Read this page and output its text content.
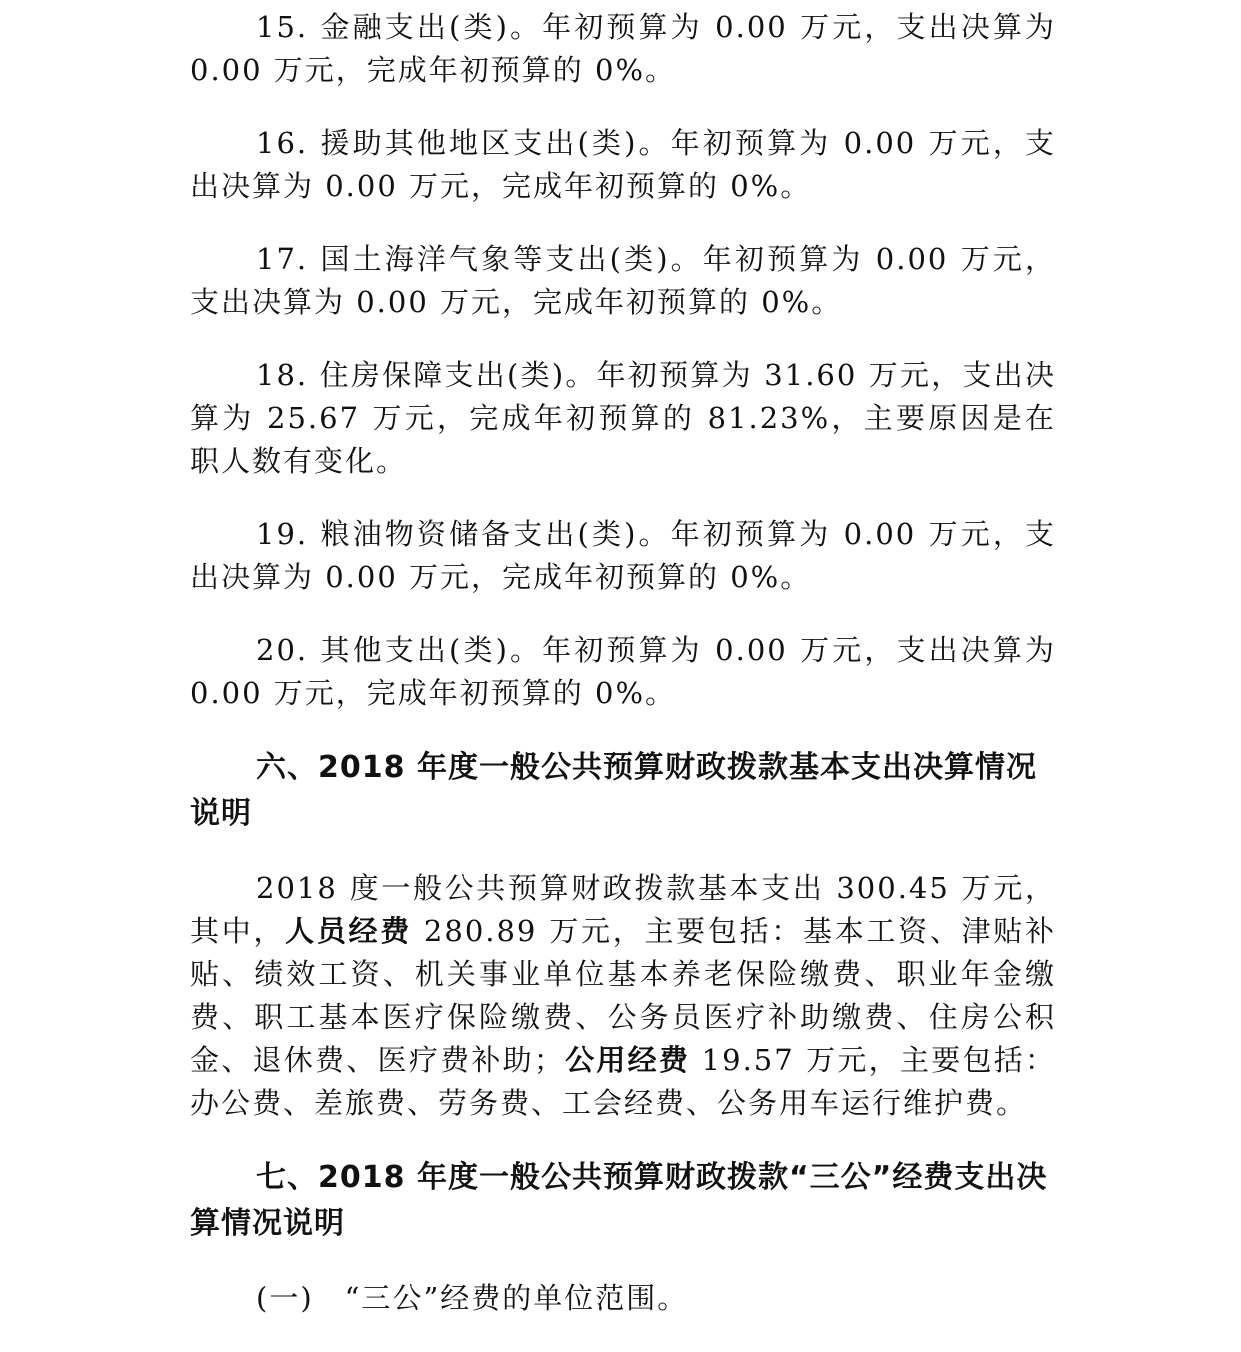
15. 金融支出(类)。年初预算为 0.00 万元，支出决算为 0.00 万元，完成年初预算的 0%。

16. 援助其他地区支出(类)。年初预算为 0.00 万元，支出决算为 0.00 万元，完成年初预算的 0%。

17. 国土海洋气象等支出(类)。年初预算为 0.00 万元，支出决算为 0.00 万元，完成年初预算的 0%。

18. 住房保障支出(类)。年初预算为 31.60 万元，支出决算为 25.67 万元，完成年初预算的 81.23%，主要原因是在职人数有变化。

19. 粮油物资储备支出(类)。年初预算为 0.00 万元，支出决算为 0.00 万元，完成年初预算的 0%。

20. 其他支出(类)。年初预算为 0.00 万元，支出决算为 0.00 万元，完成年初预算的 0%。

六、2018 年度一般公共预算财政拨款基本支出决算情况说明

2018 度一般公共预算财政拨款基本支出 300.45 万元，其中，人员经费 280.89 万元，主要包括：基本工资、津贴补贴、绩效工资、机关事业单位基本养老保险缴费、职业年金缴费、职工基本医疗保险缴费、公务员医疗补助缴费、住房公积金、退休费、医疗费补助；公用经费 19.57 万元，主要包括：办公费、差旅费、劳务费、工会经费、公务用车运行维护费。

七、2018 年度一般公共预算财政拨款“三公”经费支出决算情况说明

(一)　“三公”经费的单位范围。
